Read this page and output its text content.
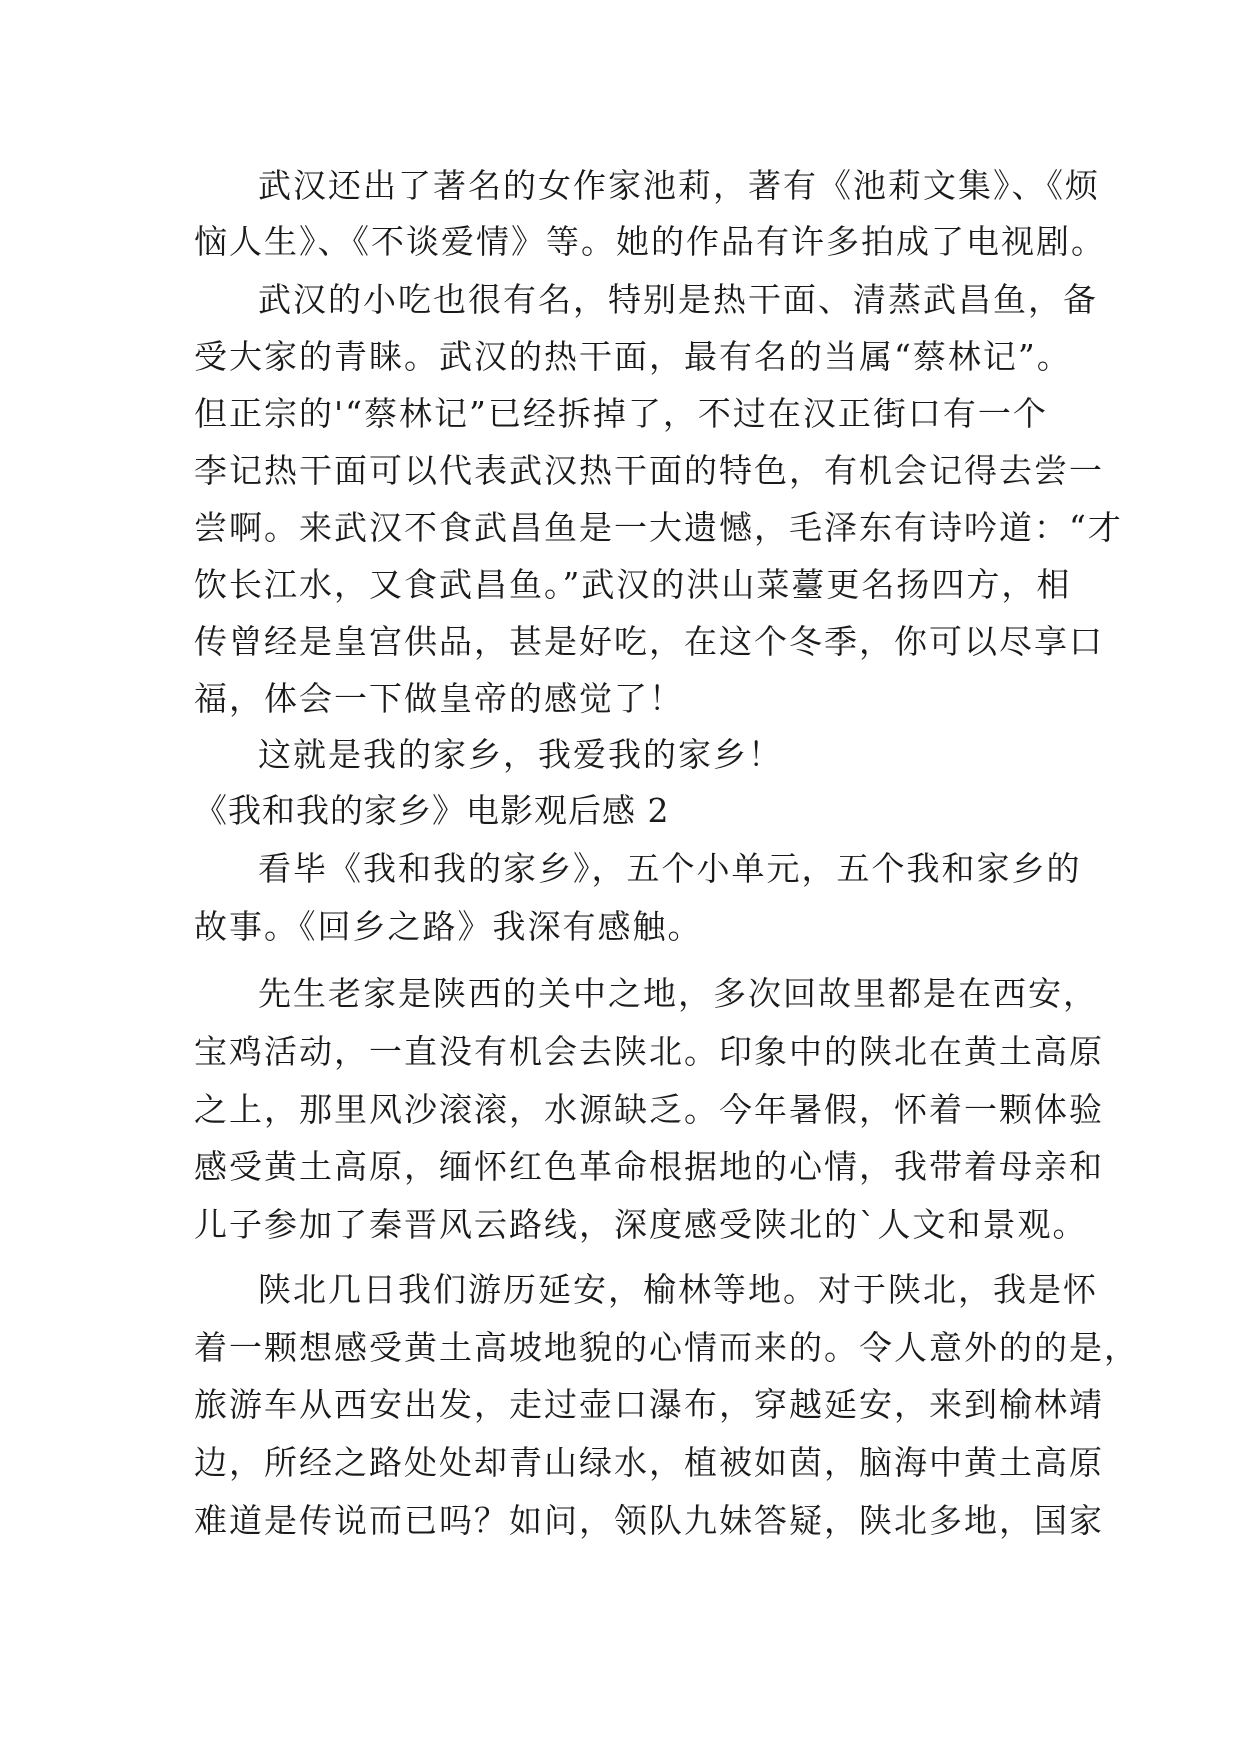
武汉还出了著名的女作家池莉，著有《池莉文集》、《烦
恼人生》、《不谈爱情》等。她的作品有许多拍成了电视剧。
武汉的小吃也很有名，特别是热干面、清蒸武昌鱼，备
受大家的青睐。武汉的热干面，最有名的当属“蔡林记”。
但正宗的'“蔡林记”已经拆掉了，不过在汉正街口有一个
李记热干面可以代表武汉热干面的特色，有机会记得去尝一
尝啊。来武汉不食武昌鱼是一大遗憾，毛泽东有诗吟道：“才
饮长江水，又食武昌鱼。”武汉的洪山菜薹更名扬四方，相
传曾经是皇宫供品，甚是好吃，在这个冬季，你可以尽享口
福，体会一下做皇帝的感觉了！
这就是我的家乡，我爱我的家乡！
《我和我的家乡》电影观后感 2
看毕《我和我的家乡》，五个小单元，五个我和家乡的
故事。《回乡之路》我深有感触。
先生老家是陕西的关中之地，多次回故里都是在西安，
宝鸡活动，一直没有机会去陕北。印象中的陕北在黄土高原
之上，那里风沙滚滚，水源缺乏。今年暑假，怀着一颗体验
感受黄土高原，缅怀红色革命根据地的心情，我带着母亲和
儿子参加了秦晋风云路线，深度感受陕北的`人文和景观。
陕北几日我们游历延安，榆林等地。对于陕北，我是怀
着一颗想感受黄土高坡地貌的心情而来的。令人意外的的是，
旅游车从西安出发，走过壶口瀑布，穿越延安，来到榆林靖
边，所经之路处处却青山绿水，植被如茵，脑海中黄土高原
难道是传说而已吗？如问，领队九妹答疑，陕北多地，国家
